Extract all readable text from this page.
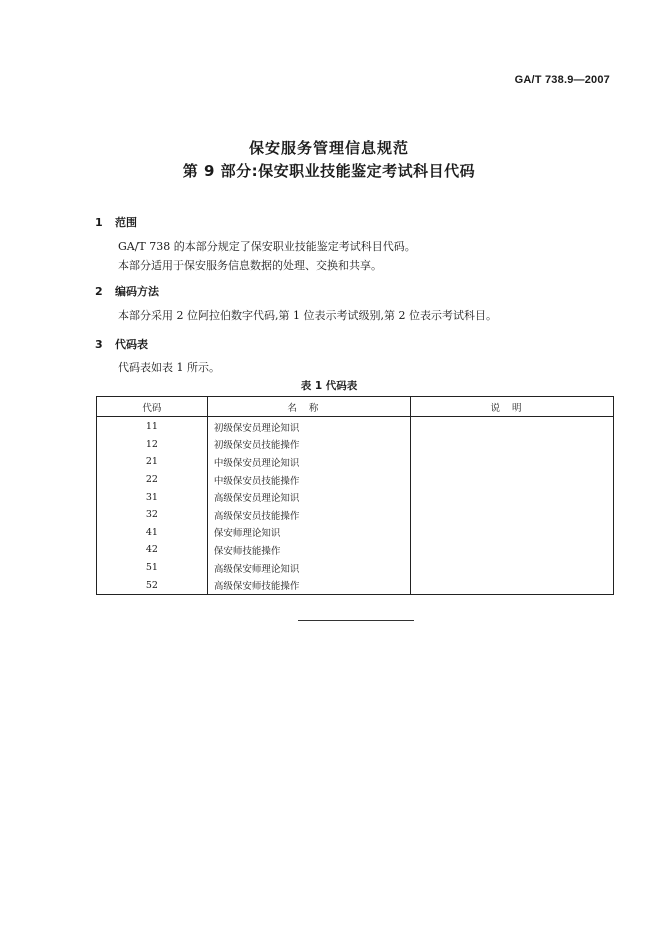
GA/T 738.9—2007
保安服务管理信息规范
第 9 部分:保安职业技能鉴定考试科目代码
1 范围
GA/T 738 的本部分规定了保安职业技能鉴定考试科目代码。
本部分适用于保安服务信息数据的处理、交换和共享。
2 编码方法
本部分采用 2 位阿拉伯数字代码,第 1 位表示考试级别,第 2 位表示考试科目。
3 代码表
代码表如表 1 所示。
表 1 代码表
代码	名称	说明
11	初级保安员理论知识	
12	初级保安员技能操作	
21	中级保安员理论知识	
22	中级保安员技能操作	
31	高级保安员理论知识	
32	高级保安员技能操作	
41	保安师理论知识	
42	保安师技能操作	
51	高级保安师理论知识	
52	高级保安师技能操作	
